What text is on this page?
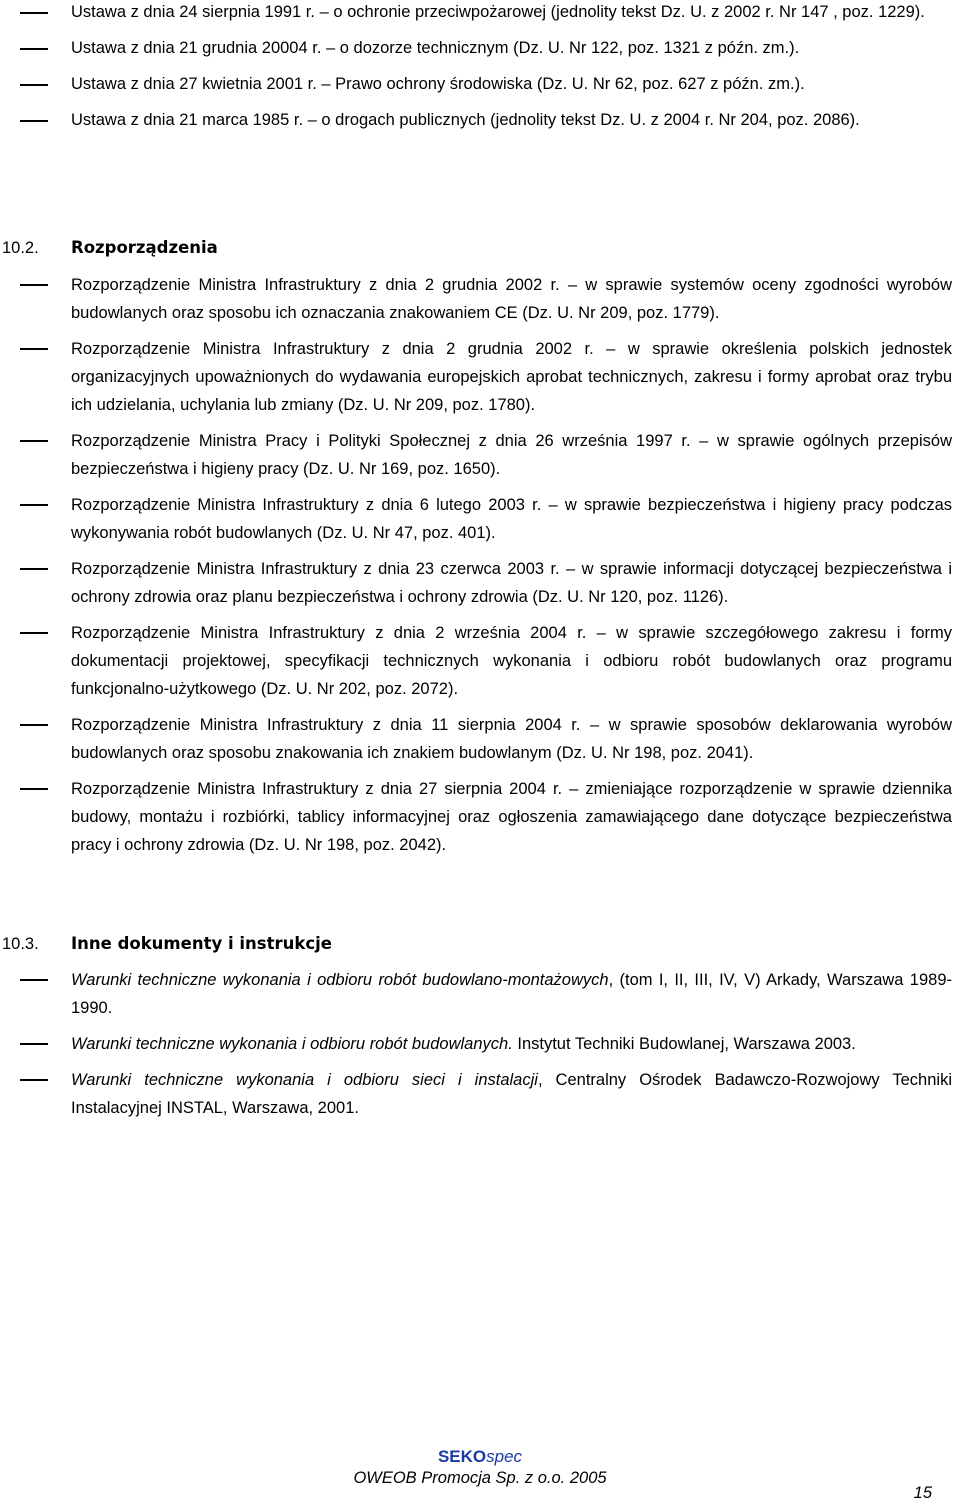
Ustawa z dnia 24 sierpnia 1991 r. – o ochronie przeciwpożarowej (jednolity tekst Dz. U. z 2002 r. Nr 147 , poz. 1229).
Ustawa z dnia 21 grudnia 20004 r. – o dozorze technicznym (Dz. U. Nr 122, poz. 1321 z późn. zm.).
Ustawa z dnia 27 kwietnia 2001 r. – Prawo ochrony środowiska (Dz. U. Nr 62, poz. 627 z późn. zm.).
Ustawa z dnia 21 marca 1985 r. – o drogach publicznych (jednolity tekst Dz. U. z 2004 r. Nr 204, poz. 2086).
10.2. Rozporządzenia
Rozporządzenie Ministra Infrastruktury z dnia 2 grudnia 2002 r. – w sprawie systemów oceny zgodności wyrobów budowlanych oraz sposobu ich oznaczania znakowaniem CE (Dz. U. Nr 209, poz. 1779).
Rozporządzenie Ministra Infrastruktury z dnia 2 grudnia 2002 r. – w sprawie określenia polskich jednostek organizacyjnych upoważnionych do wydawania europejskich aprobat technicznych, zakresu i formy aprobat oraz trybu ich udzielania, uchylania lub zmiany (Dz. U. Nr 209, poz. 1780).
Rozporządzenie Ministra Pracy i Polityki Społecznej z dnia 26 września 1997 r. – w sprawie ogólnych przepisów bezpieczeństwa i higieny pracy (Dz. U. Nr 169, poz. 1650).
Rozporządzenie Ministra Infrastruktury z dnia 6 lutego 2003 r. – w sprawie bezpieczeństwa i higieny pracy podczas wykonywania robót budowlanych (Dz. U. Nr 47, poz. 401).
Rozporządzenie Ministra Infrastruktury z dnia 23 czerwca 2003 r. – w sprawie informacji dotyczącej bezpieczeństwa i ochrony zdrowia oraz planu bezpieczeństwa i ochrony zdrowia (Dz. U. Nr 120, poz. 1126).
Rozporządzenie Ministra Infrastruktury z dnia 2 września 2004 r. – w sprawie szczegółowego zakresu i formy dokumentacji projektowej, specyfikacji technicznych wykonania i odbioru robót budowlanych oraz programu funkcjonalno-użytkowego (Dz. U. Nr 202, poz. 2072).
Rozporządzenie Ministra Infrastruktury z dnia 11 sierpnia 2004 r. – w sprawie sposobów deklarowania wyrobów budowlanych oraz sposobu znakowania ich znakiem budowlanym (Dz. U. Nr 198, poz. 2041).
Rozporządzenie Ministra Infrastruktury z dnia 27 sierpnia 2004 r. – zmieniające rozporządzenie w sprawie dziennika budowy, montażu i rozbiórki, tablicy informacyjnej oraz ogłoszenia zamawiającego dane dotyczące bezpieczeństwa pracy i ochrony zdrowia (Dz. U. Nr 198, poz. 2042).
10.3. Inne dokumenty i instrukcje
Warunki techniczne wykonania i odbioru robót budowlano-montażowych, (tom I, II, III, IV, V) Arkady, Warszawa 1989-1990.
Warunki techniczne wykonania i odbioru robót budowlanych. Instytut Techniki Budowlanej, Warszawa 2003.
Warunki techniczne wykonania i odbioru sieci i instalacji, Centralny Ośrodek Badawczo-Rozwojowy Techniki Instalacyjnej INSTAL, Warszawa, 2001.
SEKOspec
OWEOB Promocja Sp. z o.o. 2005
15
